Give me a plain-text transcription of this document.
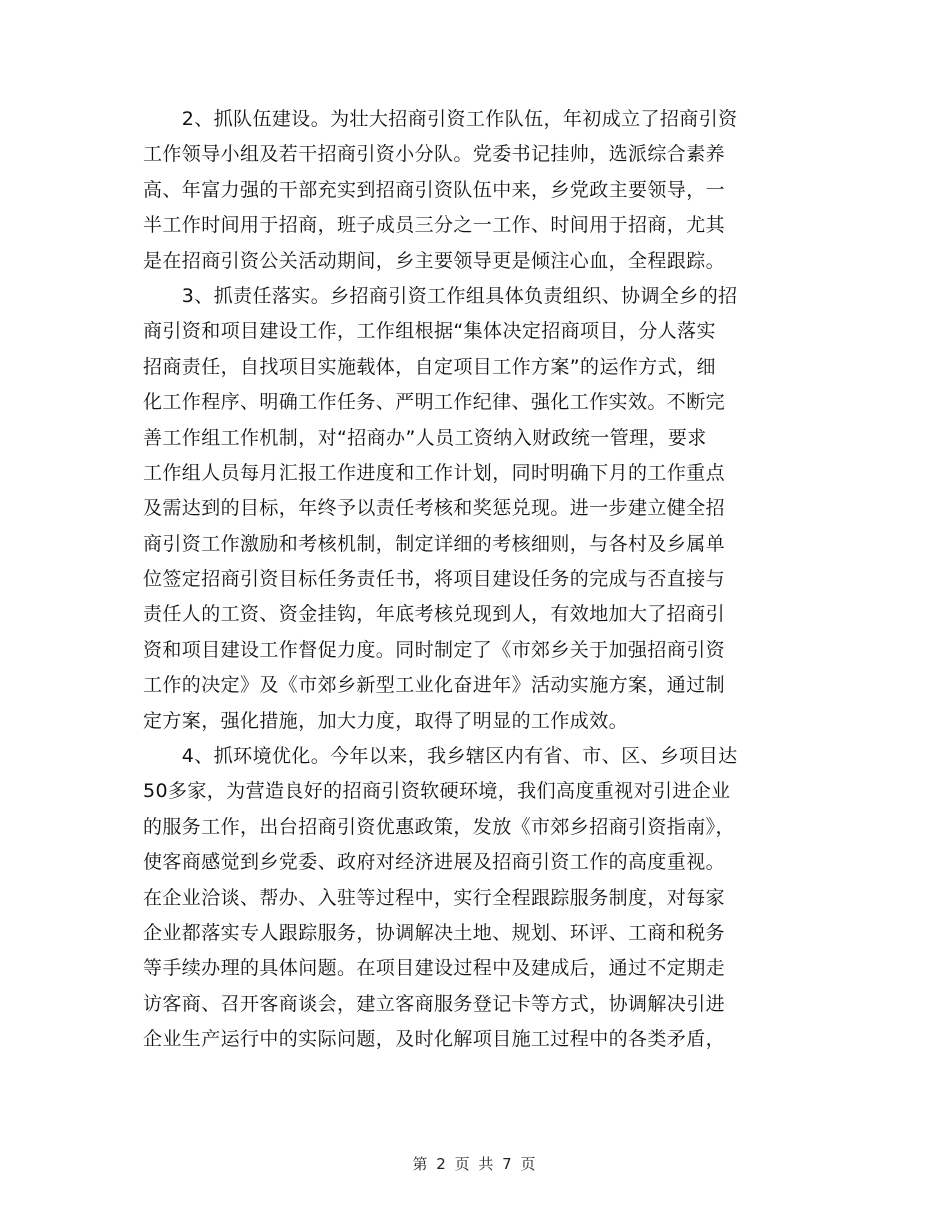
　　2、抓队伍建设。为壮大招商引资工作队伍，年初成立了招商引资
工作领导小组及若干招商引资小分队。党委书记挂帅，选派综合素养
高、年富力强的干部充实到招商引资队伍中来，乡党政主要领导，一
半工作时间用于招商，班子成员三分之一工作、时间用于招商，尤其
是在招商引资公关活动期间，乡主要领导更是倾注心血，全程跟踪。
　　3、抓责任落实。乡招商引资工作组具体负责组织、协调全乡的招
商引资和项目建设工作，工作组根据“集体决定招商项目，分人落实
招商责任，自找项目实施载体，自定项目工作方案”的运作方式，细
化工作程序、明确工作任务、严明工作纪律、强化工作实效。不断完
善工作组工作机制，对“招商办”人员工资纳入财政统一管理，要求
工作组人员每月汇报工作进度和工作计划，同时明确下月的工作重点
及需达到的目标，年终予以责任考核和奖惩兑现。进一步建立健全招
商引资工作激励和考核机制，制定详细的考核细则，与各村及乡属单
位签定招商引资目标任务责任书，将项目建设任务的完成与否直接与
责任人的工资、资金挂钩，年底考核兑现到人，有效地加大了招商引
资和项目建设工作督促力度。同时制定了《市郊乡关于加强招商引资
工作的决定》及《市郊乡新型工业化奋进年》活动实施方案，通过制
定方案，强化措施，加大力度，取得了明显的工作成效。
　　4、抓环境优化。今年以来，我乡辖区内有省、市、区、乡项目达
50多家，为营造良好的招商引资软硬环境，我们高度重视对引进企业
的服务工作，出台招商引资优惠政策，发放《市郊乡招商引资指南》，
使客商感觉到乡党委、政府对经济进展及招商引资工作的高度重视。
在企业洽谈、帮办、入驻等过程中，实行全程跟踪服务制度，对每家
企业都落实专人跟踪服务，协调解决土地、规划、环评、工商和税务
等手续办理的具体问题。在项目建设过程中及建成后，通过不定期走
访客商、召开客商谈会，建立客商服务登记卡等方式，协调解决引进
企业生产运行中的实际问题，及时化解项目施工过程中的各类矛盾，
第 2 页 共 7 页
